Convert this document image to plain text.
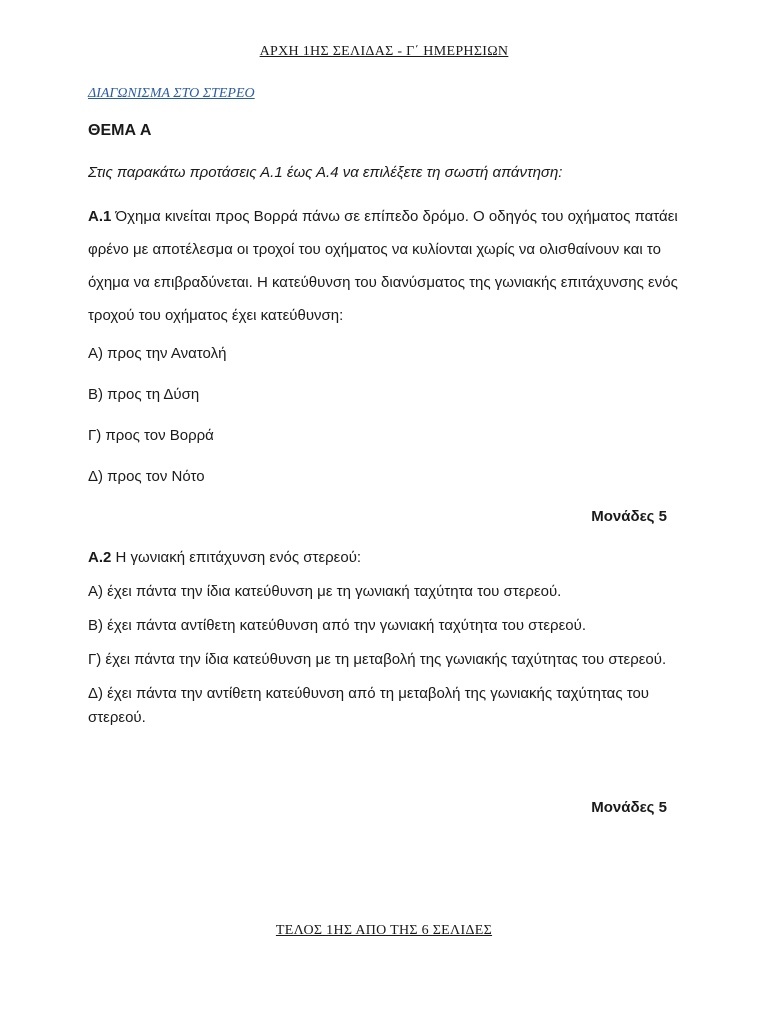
ΑΡΧΗ 1ΗΣ ΣΕΛΙΔΑΣ - Γ΄ ΗΜΕΡΗΣΙΩΝ
ΔΙΑΓΩΝΙΣΜΑ ΣΤΟ ΣΤΕΡΕΟ
ΘΕΜΑ Α
Στις παρακάτω προτάσεις Α.1 έως Α.4 να επιλέξετε τη σωστή απάντηση:
Α.1 Όχημα κινείται προς Βορρά πάνω σε επίπεδο δρόμο. Ο οδηγός του οχήματος πατάει φρένο με αποτέλεσμα οι τροχοί του οχήματος να κυλίονται χωρίς να ολισθαίνουν και το όχημα να επιβραδύνεται. Η κατεύθυνση του διανύσματος της γωνιακής επιτάχυνσης ενός τροχού του οχήματος έχει κατεύθυνση:
Α) προς την Ανατολή
Β) προς τη Δύση
Γ) προς τον Βορρά
Δ) προς τον Νότο
Μονάδες 5
Α.2 Η γωνιακή επιτάχυνση ενός στερεού:
Α) έχει πάντα την ίδια κατεύθυνση με τη γωνιακή ταχύτητα του στερεού.
Β) έχει πάντα αντίθετη κατεύθυνση από την γωνιακή ταχύτητα του στερεού.
Γ) έχει πάντα την ίδια κατεύθυνση με τη μεταβολή της γωνιακής ταχύτητας του στερεού.
Δ) έχει πάντα την αντίθετη κατεύθυνση από τη μεταβολή της γωνιακής ταχύτητας του στερεού.
Μονάδες 5
ΤΕΛΟΣ 1ΗΣ ΑΠΟ ΤΗΣ 6 ΣΕΛΙΔΕΣ
